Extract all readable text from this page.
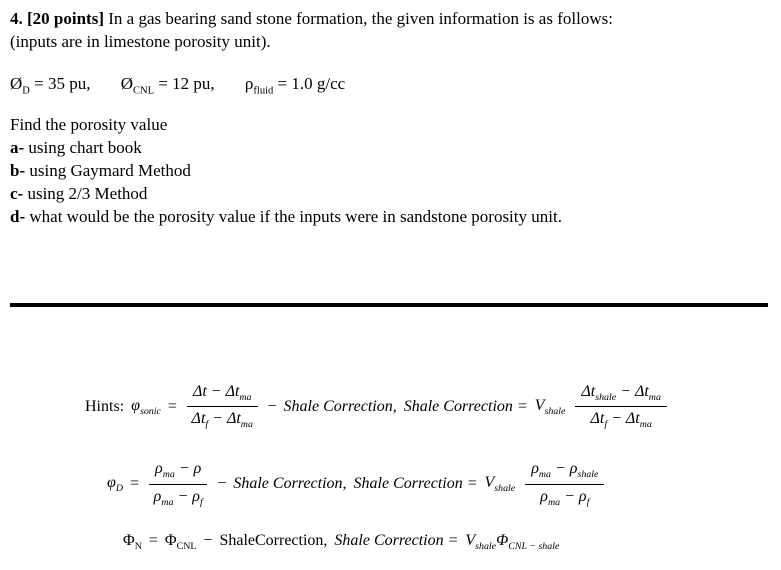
4. [20 points] In a gas bearing sand stone formation, the given information is as follows:
(inputs are in limestone porosity unit).
$Ø_D = 35$ pu, $Ø_{CNL} = 12$ pu, $\rho_{fluid} = 1.0$ g/cc
Find the porosity value
a- using chart book
b- using Gaymard Method
c- using 2/3 Method
d- what would be the porosity value if the inputs were in sandstone porosity unit.
Hints: $\varphi_{sonic} = \frac{\Delta t - \Delta t_{ma}}{\Delta t_f - \Delta t_{ma}}$ − Shale Correction, Shale Correction = $V_{shale} \frac{\Delta t_{shale} - \Delta t_{ma}}{\Delta t_f - \Delta t_{ma}}$
$\varphi_D = \frac{\rho_{ma} - \rho}{\rho_{ma} - \rho_f}$ − Shale Correction, Shale Correction = $V_{shale} \frac{\rho_{ma} - \rho_{shale}}{\rho_{ma} - \rho_f}$
$\Phi_N = \Phi_{CNL}$ − ShaleCorrection, Shale Correction = $V_{shale}\Phi_{CNL - shale}$
